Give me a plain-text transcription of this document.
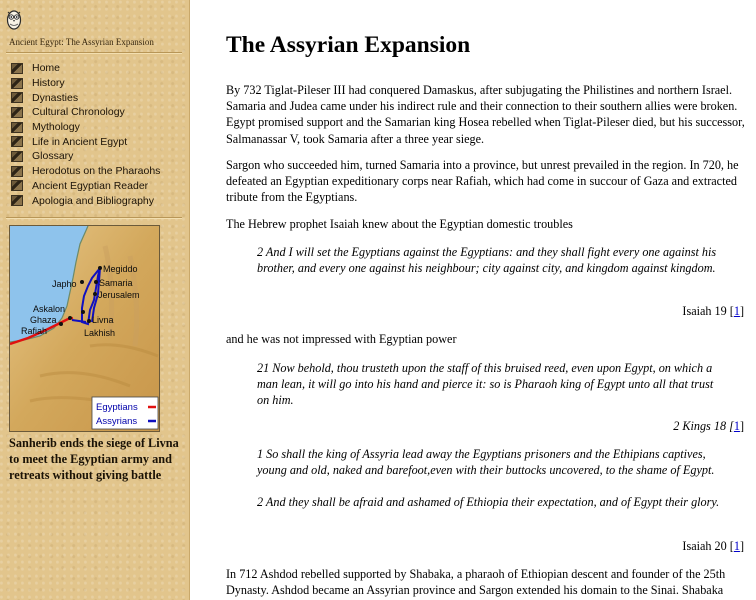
Ancient Egypt: The Assyrian Expansion
Home
History
Dynasties
Cultural Chronology
Mythology
Life in Ancient Egypt
Glossary
Herodotus on the Pharaohs
Ancient Egyptian Reader
Apologia and Bibliography
Megiddo
Samaria
Jerusalem
Japho
Askalon
Ghaza
Rafiah
Livna
Lakhish
Egyptians
Assyrians
Sanherib ends the siege of Livna
to meet the Egyptian army and retreats without giving battle
The Assyrian Expansion

By 732 Tiglat-Pileser III had conquered Damaskus, after subjugating the Philistines and northern Israel. Samaria and Judea came under his indirect rule and their connection to their southern allies were broken. Egypt promised support and the Samarian king Hosea rebelled when Tiglat-Pileser died, but his successor, Salmanassar V, took Samaria after a three year siege.

Sargon who succeeded him, turned Samaria into a province, but unrest prevailed in the region. In 720, he defeated an Egyptian expeditionary corps near Rafiah, which had come in succour of Gaza and extracted tribute from the Egyptians.

The Hebrew prophet Isaiah knew about the Egyptian domestic troubles

2 And I will set the Egyptians against the Egyptians: and they shall fight every one against his brother, and every one against his neighbour; city against city, and kingdom against kingdom.

Isaiah 19 [1]

and he was not impressed with Egyptian power

21 Now behold, thou trusteth upon the staff of this bruised reed, even upon Egypt, on which a man lean, it will go into his hand and pierce it: so is Pharaoh king of Egypt unto all that trust on him.

2 Kings 18 [1]

1 So shall the king of Assyria lead away the Egyptians prisoners and the Ethipians captives, young and old, naked and barefoot,even with their buttocks uncovered, to the shame of Egypt.

2 And they shall be afraid and ashamed of Ethiopia their expectation, and of Egypt their glory.

Isaiah 20 [1]

In 712 Ashdod rebelled supported by Shabaka, a pharaoh of Ethiopian descent and founder of the 25th Dynasty. Ashdod became an Assyrian province and Sargon extended his domain to the Sinai. Shabaka
